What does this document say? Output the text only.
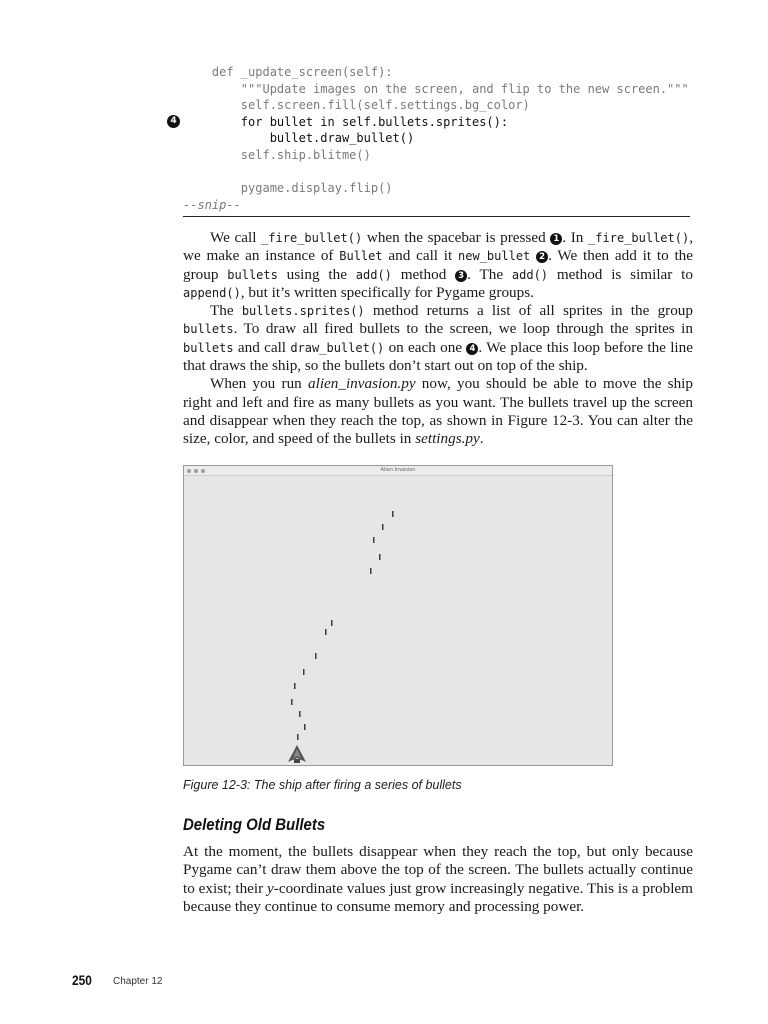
4
def _update_screen(self):
"""Update images on the screen, and flip to the new screen."""
self.screen.fill(self.settings.bg_color)
for bullet in self.bullets.sprites():
bullet.draw_bullet()
self.ship.blitme()
pygame.display.flip()
--snip--

We call _fire_bullet() when the spacebar is pressed 1 . In _fire_bullet(), we make an instance of Bullet and call it new_bullet 2 . We then add it to the group bullets using the add() method 3 . The add() method is similar to append(), but it’s written specifically for Pygame groups.

The bullets.sprites() method returns a list of all sprites in the group bullets. To draw all fired bullets to the screen, we loop through the sprites in bullets and call draw_bullet() on each one 4 . We place this loop before the line that draws the ship, so the bullets don’t start out on top of the ship.

When you run alien_invasion.py now, you should be able to move the ship right and left and fire as many bullets as you want. The bullets travel up the screen and disappear when they reach the top, as shown in Figure 12-3. You can alter the size, color, and speed of the bullets in settings.py.

Alien Invasion
Figure 12-3: The ship after firing a series of bullets
Deleting Old Bullets

At the moment, the bullets disappear when they reach the top, but only because Pygame can’t draw them above the top of the screen. The bullets actually continue to exist; their y-coordinate values just grow increasingly negative. This is a problem because they continue to consume memory and processing power.

250 Chapter 12
